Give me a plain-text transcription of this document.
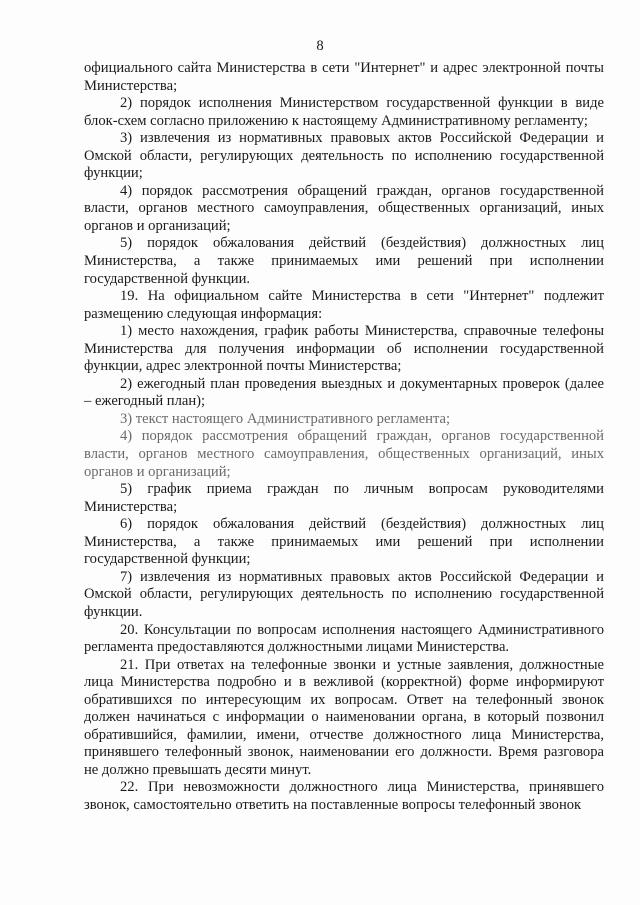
8

официального сайта Министерства в сети "Интернет" и адрес электронной почты Министерства;

2) порядок исполнения Министерством государственной функции в виде блок-схем согласно приложению к настоящему Административному регламенту;

3) извлечения из нормативных правовых актов Российской Федерации и Омской области, регулирующих деятельность по исполнению государственной функции;

4) порядок рассмотрения обращений граждан, органов государственной власти, органов местного самоуправления, общественных организаций, иных органов и организаций;

5) порядок обжалования действий (бездействия) должностных лиц Министерства, а также принимаемых ими решений при исполнении государственной функции.

19. На официальном сайте Министерства в сети "Интернет" подлежит размещению следующая информация:

1) место нахождения, график работы Министерства, справочные телефоны Министерства для получения информации об исполнении государственной функции, адрес электронной почты Министерства;

2) ежегодный план проведения выездных и документарных проверок (далее – ежегодный план);

3) текст настоящего Административного регламента;

4) порядок рассмотрения обращений граждан, органов государственной власти, органов местного самоуправления, общественных организаций, иных органов и организаций;

5) график приема граждан по личным вопросам руководителями Министерства;

6) порядок обжалования действий (бездействия) должностных лиц Министерства, а также принимаемых ими решений при исполнении государственной функции;

7) извлечения из нормативных правовых актов Российской Федерации и Омской области, регулирующих деятельность по исполнению государственной функции.

20. Консультации по вопросам исполнения настоящего Административного регламента предоставляются должностными лицами Министерства.

21. При ответах на телефонные звонки и устные заявления, должностные лица Министерства подробно и в вежливой (корректной) форме информируют обратившихся по интересующим их вопросам. Ответ на телефонный звонок должен начинаться с информации о наименовании органа, в который позвонил обратившийся, фамилии, имени, отчестве должностного лица Министерства, принявшего телефонный звонок, наименовании его должности. Время разговора не должно превышать десяти минут.

22. При невозможности должностного лица Министерства, принявшего звонок, самостоятельно ответить на поставленные вопросы телефонный звонок
